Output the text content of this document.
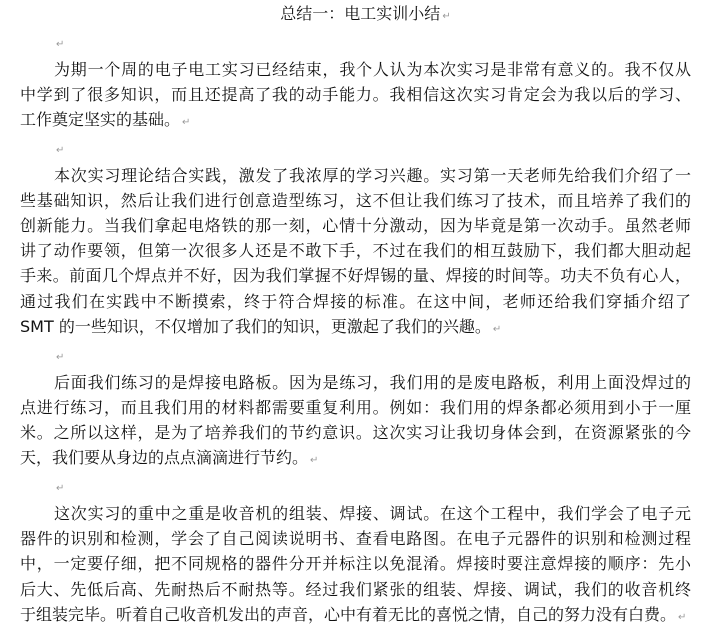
总结一：电工实训小结 ↵
↵
为期一个周的电子电工实习已经结束，我个人认为本次实习是非常有意义的。我不仅从
中学到了很多知识，而且还提高了我的动手能力。我相信这次实习肯定会为我以后的学习、
工作奠定坚实的基础。 ↵
↵
本次实习理论结合实践，激发了我浓厚的学习兴趣。实习第一天老师先给我们介绍了一
些基础知识，然后让我们进行创意造型练习，这不但让我们练习了技术，而且培养了我们的
创新能力。当我们拿起电烙铁的那一刻，心情十分激动，因为毕竟是第一次动手。虽然老师
讲了动作要领，但第一次很多人还是不敢下手，不过在我们的相互鼓励下，我们都大胆动起
手来。前面几个焊点并不好，因为我们掌握不好焊锡的量、焊接的时间等。功夫不负有心人，
通过我们在实践中不断摸索，终于符合焊接的标准。在这中间，老师还给我们穿插介绍了
SMT 的一些知识，不仅增加了我们的知识，更激起了我们的兴趣。 ↵
↵
后面我们练习的是焊接电路板。因为是练习，我们用的是废电路板，利用上面没焊过的
点进行练习，而且我们用的材料都需要重复利用。例如：我们用的焊条都必须用到小于一厘
米。之所以这样，是为了培养我们的节约意识。这次实习让我切身体会到，在资源紧张的今
天，我们要从身边的点点滴滴进行节约。 ↵
↵
这次实习的重中之重是收音机的组装、焊接、调试。在这个工程中，我们学会了电子元
器件的识别和检测，学会了自己阅读说明书、查看电路图。在电子元器件的识别和检测过程
中，一定要仔细，把不同规格的器件分开并标注以免混淆。焊接时要注意焊接的顺序：先小
后大、先低后高、先耐热后不耐热等。经过我们紧张的组装、焊接、调试，我们的收音机终
于组装完毕。听着自己收音机发出的声音，心中有着无比的喜悦之情，自己的努力没有白费。 ↵
